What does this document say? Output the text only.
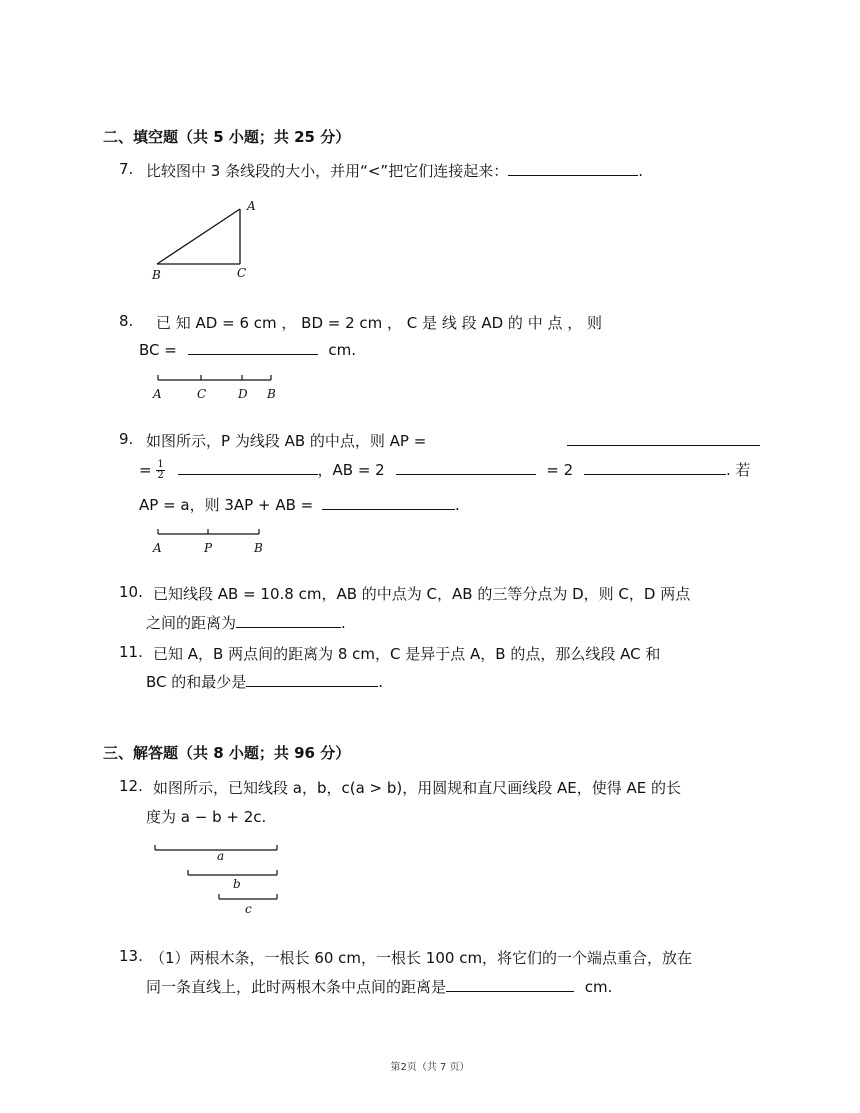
二、填空题（共 5 小题；共 25 分）
7. 比较图中 3 条线段的大小，并用“<”把它们连接起来：	.
A
B	C
8. 已 知 AD = 6 cm ， BD = 2 cm ， C 是 线 段 AD 的 中 点 ， 则
BC =	cm.
A	C	D B
9. 如图所示，P 为线段 AB 的中点，则 AP =
= $\frac{1}{2}$	，AB = 2	= 2	. 若
AP = a，则 3AP + AB =	.
A	P	B
10. 已知线段 AB = 10.8 cm，AB 的中点为 C，AB 的三等分点为 D，则 C，D 两点
之间的距离为	.
11. 已知 A，B 两点间的距离为 8 cm，C 是异于点 A，B 的点，那么线段 AC 和
BC 的和最少是	.
三、解答题（共 8 小题；共 96 分）
12. 如图所示，已知线段 a，b，c(a > b)，用圆规和直尺画线段 AE，使得 AE 的长
度为 a − b + 2c.
a
b
c
13. （1）两根木条，一根长 60 cm，一根长 100 cm，将它们的一个端点重合，放在
同一条直线上，此时两根木条中点间的距离是	cm.
第2页（共 7 页）
